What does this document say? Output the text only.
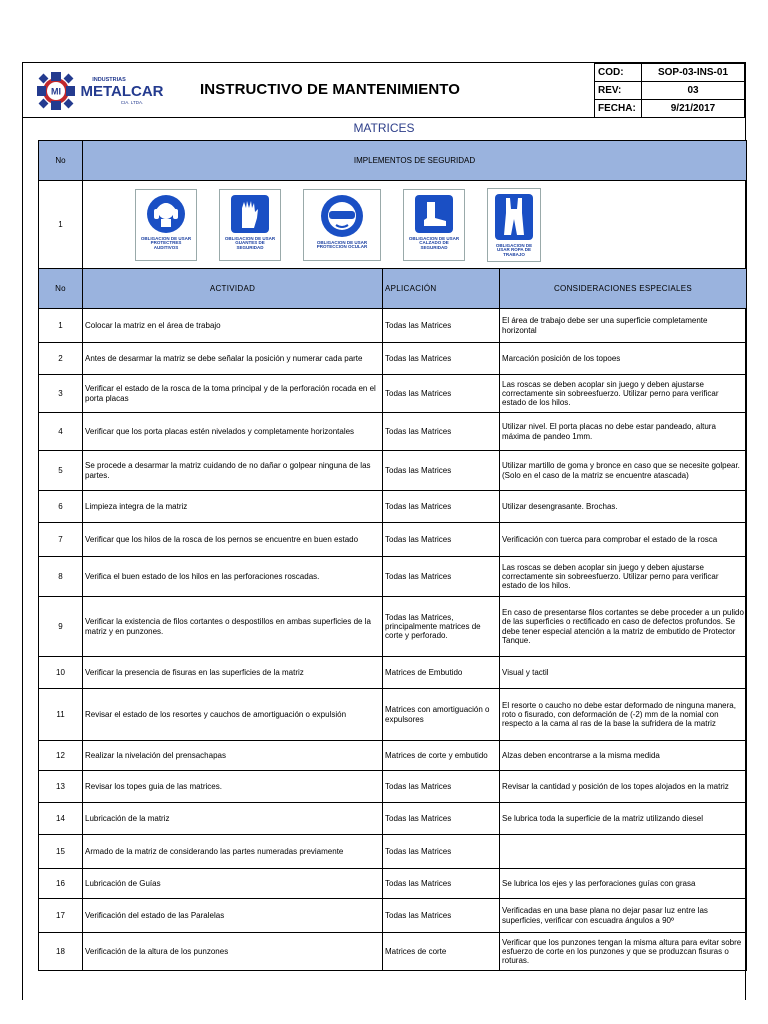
MI
INDUSTRIAS
METALCAR
CIA. LTDA.
INSTRUCTIVO DE MANTENIMIENTO
COD:	SOP-03-INS-01
REV:	03
FECHA:	9/21/2017
MATRICES
No	IMPLEMENTOS DE SEGURIDAD
1	OBLIGACION DE USAR PROTECTRES AUDITIVOS
OBLIGACION DE USAR GUANTES DE SEGURIDAD
OBLIGACION DE USAR PROTECCION OCULAR
OBLIGACION DE USAR CALZADO DE SEGURIDAD
OBLIGACION DE USAR ROPA DE TRABAJO
No	ACTIVIDAD	APLICACIÓN	CONSIDERACIONES ESPECIALES
1	Colocar la matriz en el área de trabajo	Todas las Matrices	El área de trabajo debe ser una superficie completamente horizontal
2	Antes de desarmar la matriz se debe señalar la posición y numerar cada parte	Todas las Matrices	Marcación posición de los topoes
3	Verificar el estado de la rosca de la toma principal y de la perforación rocada en el porta placas	Todas las Matrices	Las roscas se deben acoplar sin juego y deben ajustarse correctamente sin sobreesfuerzo. Utilizar perno para verificar estado de los hilos.
4	Verificar que los porta placas estén nivelados y completamente horizontales	Todas las Matrices	Utilizar nivel. El porta placas no debe estar pandeado, altura máxima de pandeo 1mm.
5	Se procede a desarmar la matriz cuidando de no dañar o golpear ninguna de las partes.	Todas las Matrices	Utilizar martillo de goma y bronce en caso que se necesite golpear.(Solo en el caso de la matriz se encuentre atascada)
6	Limpieza integra de la matriz	Todas las Matrices	Utilizar desengrasante. Brochas.
7	Verificar que los hilos de la rosca de los pernos se encuentre en buen estado	Todas las Matrices	Verificación con tuerca para comprobar el estado de la rosca
8	Verifica el buen estado de los hilos en las perforaciones roscadas.	Todas las Matrices	Las roscas se deben acoplar sin juego y deben ajustarse correctamente sin sobreesfuerzo. Utilizar perno para verificar estado de los hilos.
9	Verificar la existencia de filos cortantes o despostillos en ambas superficies de la matriz y en punzones.	Todas las Matrices, principalmente matrices de corte y perforado.	En caso de presentarse filos cortantes se debe proceder a un pulido de las superficies o rectificado en caso de defectos profundos. Se debe tener especial atención a la matriz de embutido de Protector Tanque.
10	Verificar la presencia de fisuras en las superficies de la matriz	Matrices de Embutido	Visual y tactil
11	Revisar el estado de los resortes y cauchos de amortiguación o expulsión	Matrices con amortiguación o expulsores	El resorte o caucho no debe estar deformado de ninguna manera, roto o fisurado, con deformación de (-2) mm de la nomial con respecto a la cama al ras de la base la sufridera de la matriz
12	Realizar la nivelación del prensachapas	Matrices de corte y embutido	Alzas deben encontrarse a la misma medida
13	Revisar los topes guia de las matrices.	Todas las Matrices	Revisar la cantidad y posición de los topes alojados en la matriz
14	Lubricación de la matriz	Todas las Matrices	Se lubrica toda la superficie de la matriz utilizando diesel
15	Armado de la matriz de considerando las partes numeradas previamente	Todas las Matrices	
16	Lubricación de Guías	Todas las Matrices	Se lubrica los ejes y las perforaciones guías con grasa
17	Verificación del estado de las Paralelas	Todas las Matrices	Verificadas en una base plana no dejar pasar luz entre las superficies, verificar con escuadra ángulos a 90º
18	Verificación de la altura de los punzones	Matrices de corte	Verificar que los punzones tengan la misma altura para evitar sobre esfuerzo de corte en los punzones y que se produzcan fisuras o roturas.
